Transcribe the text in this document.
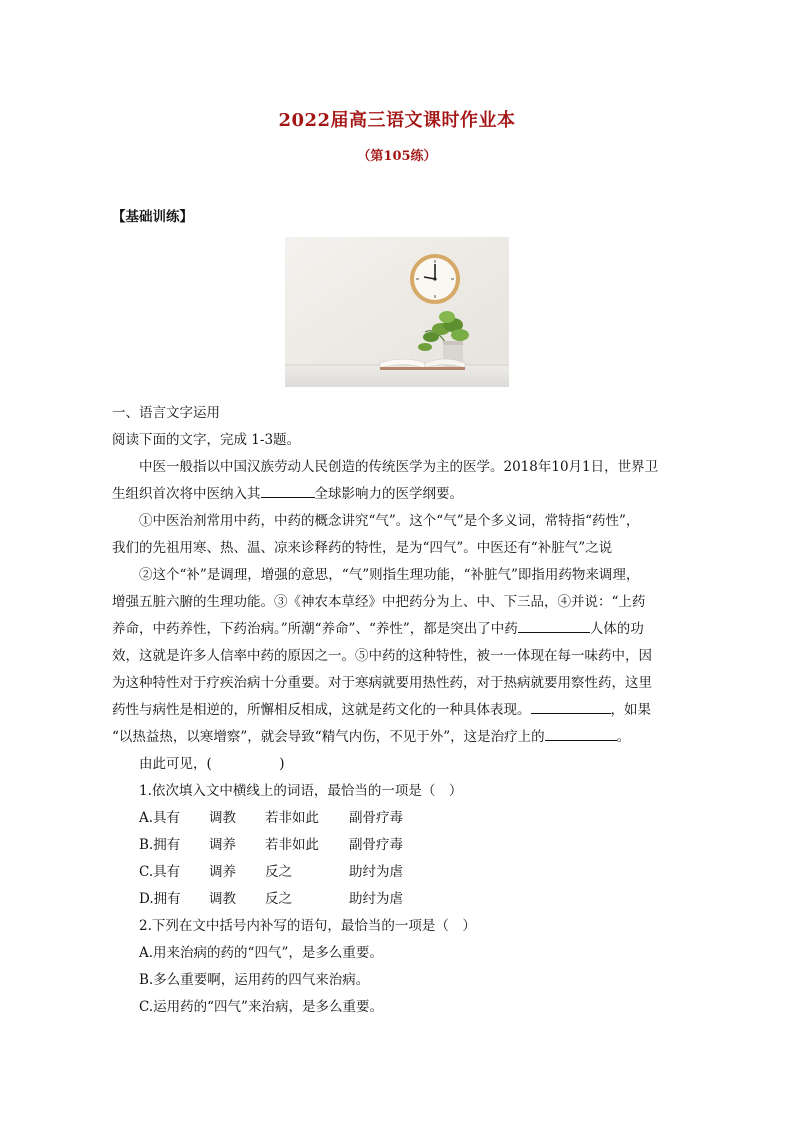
2022届高三语文课时作业本
（第105练）
【基础训练】
一、语言文字运用
阅读下面的文字，完成 1-3题。
中医一般指以中国汉族劳动人民创造的传统医学为主的医学。2018年10月1日，世界卫
生组织首次将中医纳入其	全球影响力的医学纲要。
①中医治剂常用中药，中药的概念讲究“气”。这个“气”是个多义词，常特指“药性”，
我们的先祖用寒、热、温、凉来诊释药的特性，是为“四气”。中医还有“补脏气”之说
②这个“补”是调理，增强的意思，“气”则指生理功能，“补脏气”即指用药物来调理，
增强五脏六腑的生理功能。③《神农本草经》中把药分为上、中、下三品，④并说：“上药
养命，中药养性，下药治病。”所潮“养命”、“养性”，都是突出了中药	人体的功
效，这就是许多人信率中药的原因之一。⑤中药的这种特性，被一一体现在每一味药中，因
为这种特性对于疗疾治病十分重要。对于寒病就要用热性药，对于热病就要用察性药，这里
药性与病性是相逆的，所懈相反相成，这就是药文化的一种具体表现。	，如果
“以热益热，以寒增察”，就会导致“精气内伤，不见于外”，这是治疗上的	。
由此可见，(　　　　　)
1.依次填入文中横线上的词语，最恰当的一项是（　）
A.具有	调教	若非如此	副骨疗毒
B.拥有	调养	若非如此	副骨疗毒
C.具有	调养	反之	助纣为虐
D.拥有	调教	反之	助纣为虐
2.下列在文中括号内补写的语句，最恰当的一项是（　）
A.用来治病的药的“四气”，是多么重要。
B.多么重要啊，运用药的四气来治病。
C.运用药的“四气”来治病，是多么重要。
